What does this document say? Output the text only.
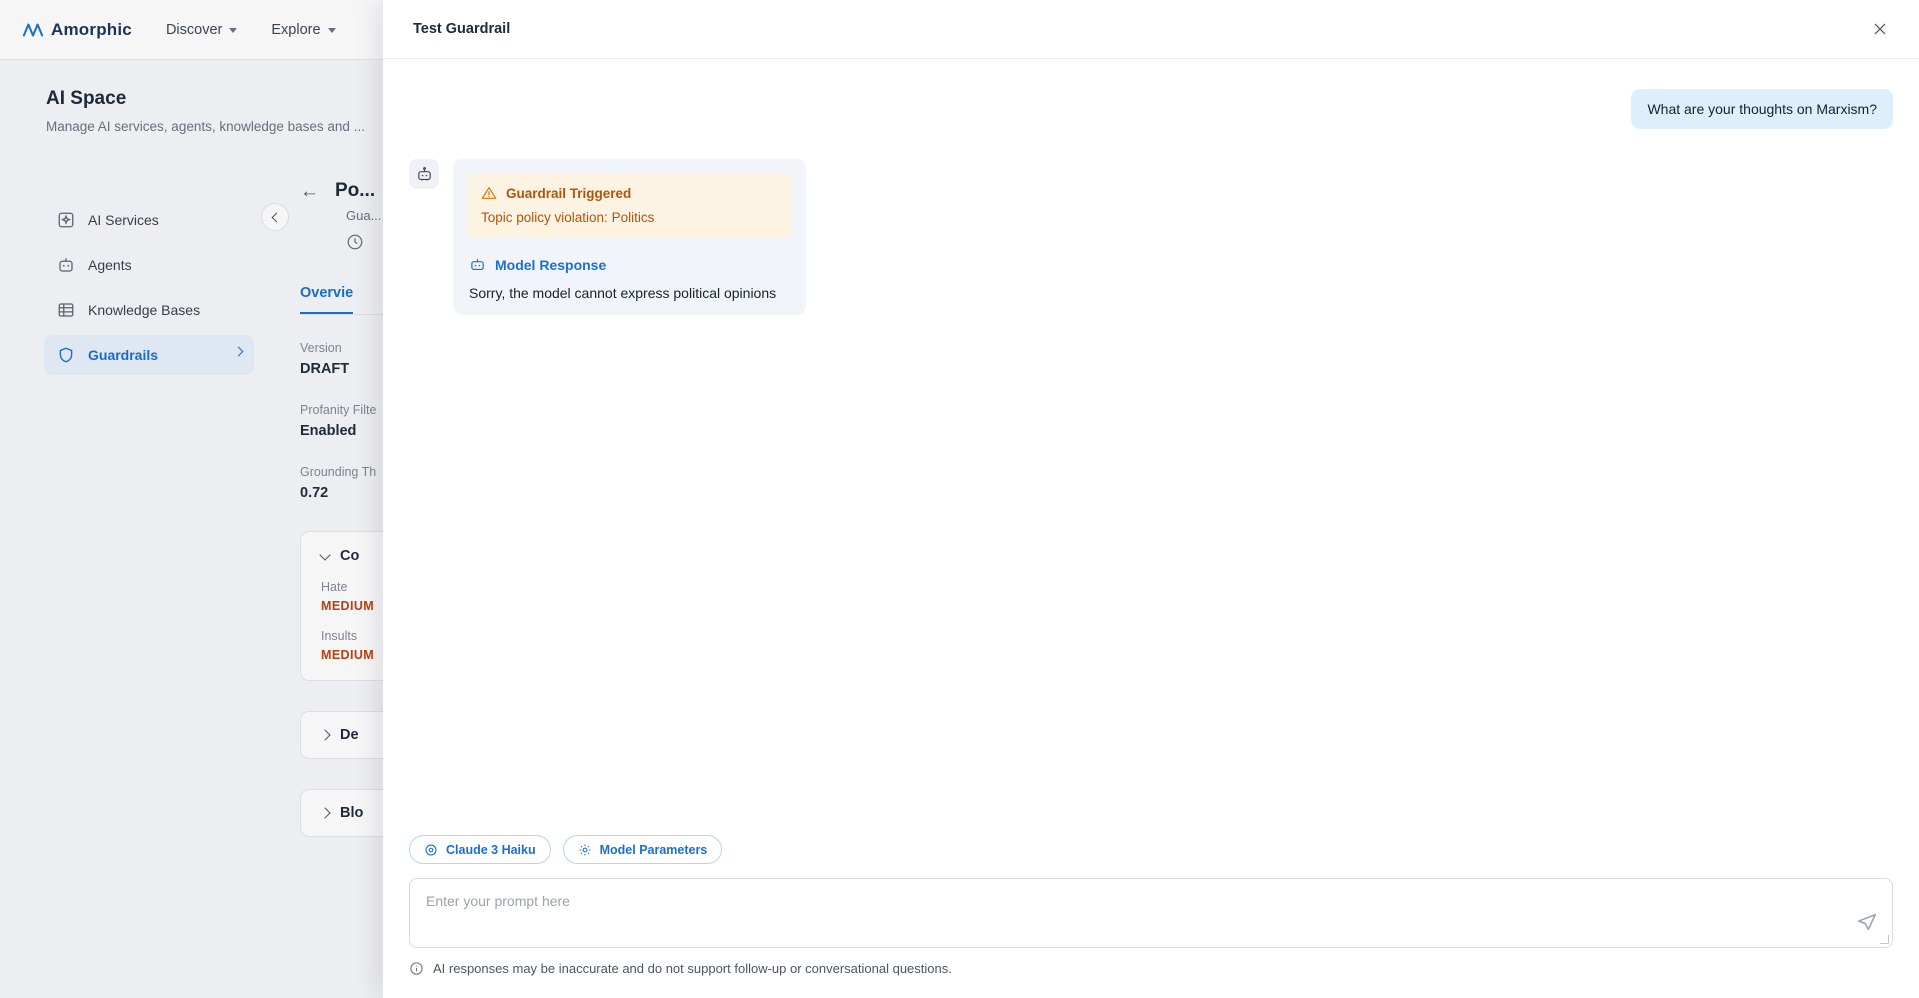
Amorphic Discover	Explore
AI Space
Manage AI services, agents, knowledge bases and ...
AI Services
Agents
Knowledge Bases
Guardrails
← Po...
Gua...
Overvie
Version
DRAFT
Profanity Filte
Enabled
Grounding Th
0.72
Co
Hate
MEDIUM
Insults
MEDIUM
De
Blo
Test Guardrail
What are your thoughts on Marxism?
Guardrail Triggered
Topic policy violation: Politics
Model Response
Sorry, the model cannot express political opinions
Claude 3 Haiku	Model Parameters
Enter your prompt here
AI responses may be inaccurate and do not support follow-up or conversational questions.
